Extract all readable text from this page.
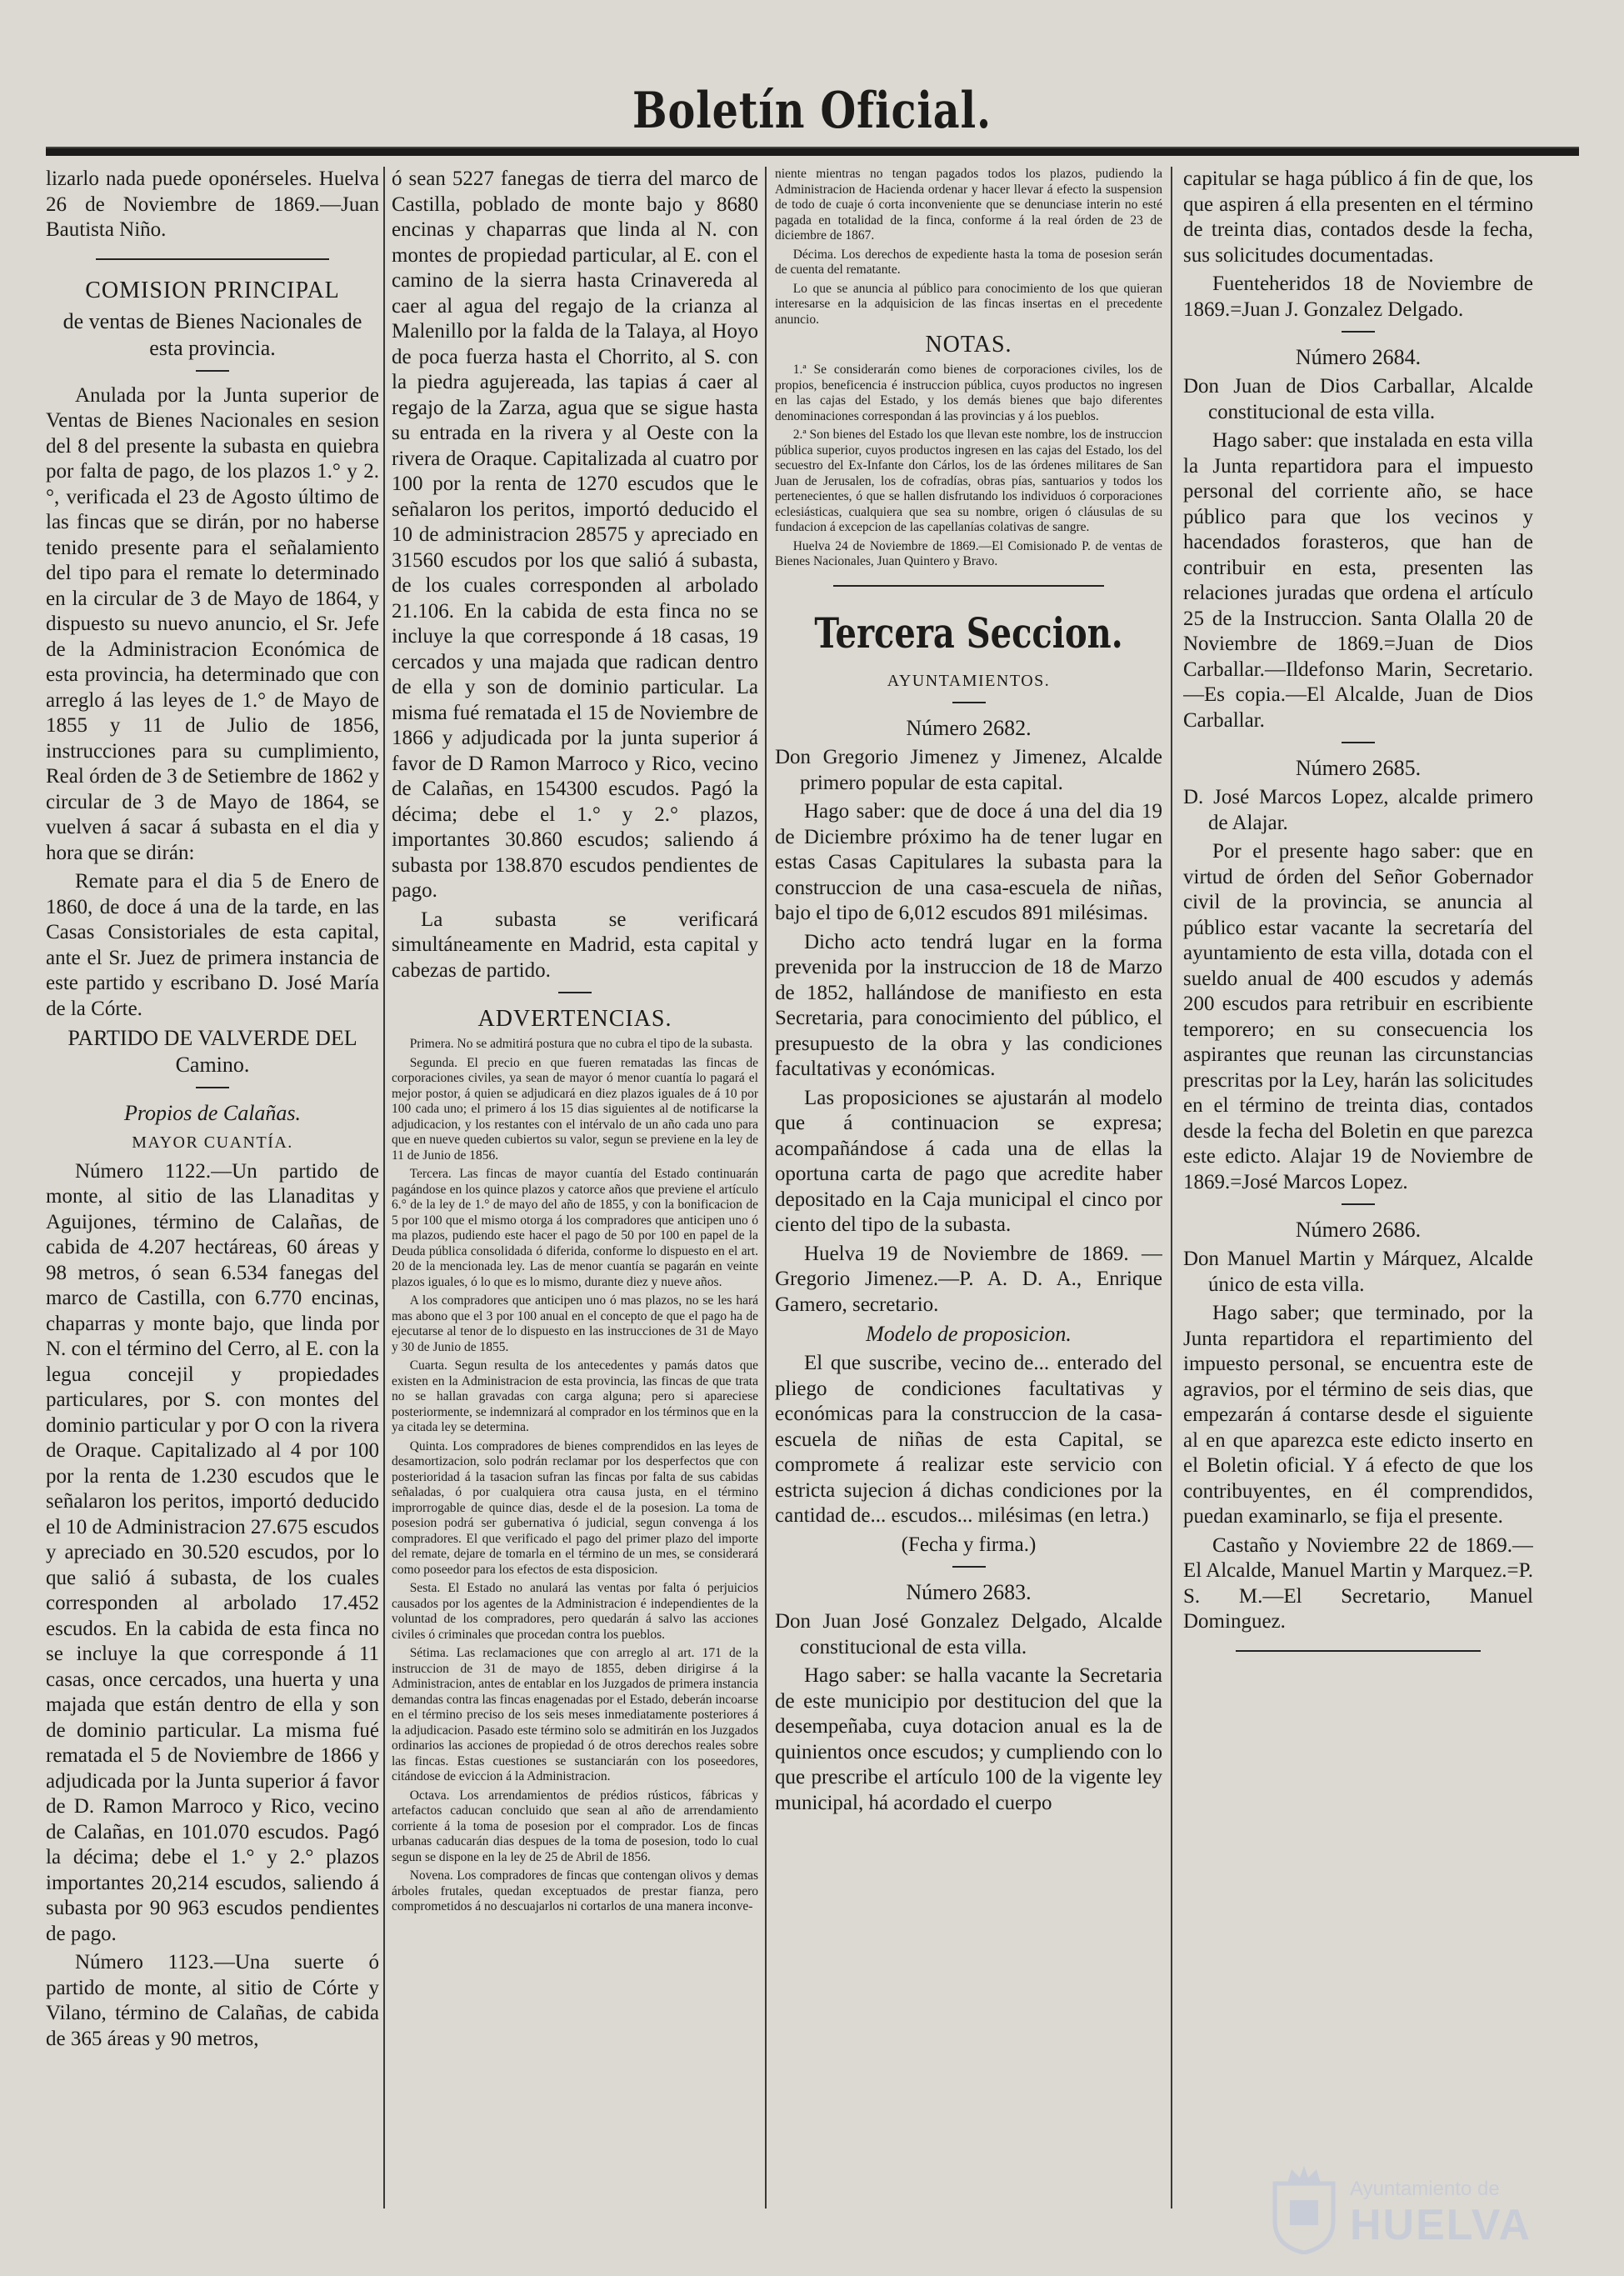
Boletín Oficial.

lizarlo nada puede oponérseles. Huelva 26 de Noviembre de 1869.—Juan Bautista Niño.

COMISION PRINCIPAL

de ventas de Bienes Nacionales de esta provincia.

Anulada por la Junta superior de Ventas de Bienes Nacionales en sesion del 8 del presente la subasta en quiebra por falta de pago, de los plazos 1.° y 2.°, verificada el 23 de Agosto último de las fincas que se dirán, por no haberse tenido presente para el señalamiento del tipo para el remate lo determinado en la circular de 3 de Mayo de 1864, y dispuesto su nuevo anuncio, el Sr. Jefe de la Administracion Económica de esta provincia, ha determinado que con arreglo á las leyes de 1.° de Mayo de 1855 y 11 de Julio de 1856, instrucciones para su cumplimiento, Real órden de 3 de Setiembre de 1862 y circular de 3 de Mayo de 1864, se vuelven á sacar á subasta en el dia y hora que se dirán:

Remate para el dia 5 de Enero de 1860, de doce á una de la tarde, en las Casas Consistoriales de esta capital, ante el Sr. Juez de primera instancia de este partido y escribano D. José María de la Córte.

PARTIDO DE VALVERDE DEL Camino.

Propios de Calañas.

MAYOR CUANTÍA.

Número 1122.—Un partido de monte, al sitio de las Llanaditas y Aguijones, término de Calañas, de cabida de 4.207 hectáreas, 60 áreas y 98 metros, ó sean 6.534 fanegas del marco de Castilla, con 6.770 encinas, chaparras y monte bajo, que linda por N. con el término del Cerro, al E. con la legua concejil y propiedades particulares, por S. con montes del dominio particular y por O con la rivera de Oraque. Capitalizado al 4 por 100 por la renta de 1.230 escudos que le señalaron los peritos, importó deducido el 10 de Administracion 27.675 escudos y apreciado en 30.520 escudos, por lo que salió á subasta, de los cuales corresponden al arbolado 17.452 escudos. En la cabida de esta finca no se incluye la que corresponde á 11 casas, once cercados, una huerta y una majada que están dentro de ella y son de dominio particular. La misma fué rematada el 5 de Noviembre de 1866 y adjudicada por la Junta superior á favor de D. Ramon Marroco y Rico, vecino de Calañas, en 101.070 escudos. Pagó la décima; debe el 1.° y 2.° plazos importantes 20,214 escudos, saliendo á subasta por 90 963 escudos pendientes de pago.

Número 1123.—Una suerte ó partido de monte, al sitio de Córte y Vilano, término de Calañas, de cabida de 365 áreas y 90 metros,

ó sean 5227 fanegas de tierra del marco de Castilla, poblado de monte bajo y 8680 encinas y chaparras que linda al N. con montes de propiedad particular, al E. con el camino de la sierra hasta Crinavereda al caer al agua del regajo de la crianza al Malenillo por la falda de la Talaya, al Hoyo de poca fuerza hasta el Chorrito, al S. con la piedra agujereada, las tapias á caer al regajo de la Zarza, agua que se sigue hasta su entrada en la rivera y al Oeste con la rivera de Oraque. Capitalizada al cuatro por 100 por la renta de 1270 escudos que le señalaron los peritos, importó deducido el 10 de administracion 28575 y apreciado en 31560 escudos por los que salió á subasta, de los cuales corresponden al arbolado 21.106. En la cabida de esta finca no se incluye la que corresponde á 18 casas, 19 cercados y una majada que radican dentro de ella y son de dominio particular. La misma fué rematada el 15 de Noviembre de 1866 y adjudicada por la junta superior á favor de D Ramon Marroco y Rico, vecino de Calañas, en 154300 escudos. Pagó la décima; debe el 1.° y 2.° plazos, importantes 30.860 escudos; saliendo á subasta por 138.870 escudos pendientes de pago.

La subasta se verificará simultáneamente en Madrid, esta capital y cabezas de partido.

ADVERTENCIAS.

Primera. No se admitirá postura que no cubra el tipo de la subasta.

Segunda. El precio en que fueren rematadas las fincas de corporaciones civiles, ya sean de mayor ó menor cuantía lo pagará el mejor postor, á quien se adjudicará en diez plazos iguales de á 10 por 100 cada uno; el primero á los 15 dias siguientes al de notificarse la adjudicacion, y los restantes con el intérvalo de un año cada uno para que en nueve queden cubiertos su valor, segun se previene en la ley de 11 de Junio de 1856.

Tercera. Las fincas de mayor cuantía del Estado continuarán pagándose en los quince plazos y catorce años que previene el artículo 6.° de la ley de 1.° de mayo del año de 1855, y con la bonificacion de 5 por 100 que el mismo otorga á los compradores que anticipen uno ó ma plazos, pudiendo este hacer el pago de 50 por 100 en papel de la Deuda pública consolidada ó diferida, conforme lo dispuesto en el art. 20 de la mencionada ley. Las de menor cuantía se pagarán en veinte plazos iguales, ó lo que es lo mismo, durante diez y nueve años.

A los compradores que anticipen uno ó mas plazos, no se les hará mas abono que el 3 por 100 anual en el concepto de que el pago ha de ejecutarse al tenor de lo dispuesto en las instrucciones de 31 de Mayo y 30 de Junio de 1855.

Cuarta. Segun resulta de los antecedentes y pamás datos que existen en la Administracion de esta provincia, las fincas de que trata no se hallan gravadas con carga alguna; pero si apareciese posteriormente, se indemnizará al comprador en los términos que en la ya citada ley se determina.

Quinta. Los compradores de bienes comprendidos en las leyes de desamortizacion, solo podrán reclamar por los desperfectos que con posterioridad á la tasacion sufran las fincas por falta de sus cabidas señaladas, ó por cualquiera otra causa justa, en el término improrrogable de quince dias, desde el de la posesion. La toma de posesion podrá ser gubernativa ó judicial, segun convenga á los compradores. El que verificado el pago del primer plazo del importe del remate, dejare de tomarla en el término de un mes, se considerará como poseedor para los efectos de esta disposicion.

Sesta. El Estado no anulará las ventas por falta ó perjuicios causados por los agentes de la Administracion é independientes de la voluntad de los compradores, pero quedarán á salvo las acciones civiles ó criminales que procedan contra los pueblos.

Sétima. Las reclamaciones que con arreglo al art. 171 de la instruccion de 31 de mayo de 1855, deben dirigirse á la Administracion, antes de entablar en los Juzgados de primera instancia demandas contra las fincas enagenadas por el Estado, deberán incoarse en el término preciso de los seis meses inmediatamente posteriores á la adjudicacion. Pasado este término solo se admitirán en los Juzgados ordinarios las acciones de propiedad ó de otros derechos reales sobre las fincas. Estas cuestiones se sustanciarán con los poseedores, citándose de eviccion á la Administracion.

Octava. Los arrendamientos de prédios rústicos, fábricas y artefactos caducan concluido que sean al año de arrendamiento corriente á la toma de posesion por el comprador. Los de fincas urbanas caducarán dias despues de la toma de posesion, todo lo cual segun se dispone en la ley de 25 de Abril de 1856.

Novena. Los compradores de fincas que contengan olivos y demas árboles frutales, quedan exceptuados de prestar fianza, pero comprometidos á no descuajarlos ni cortarlos de una manera inconve-

niente mientras no tengan pagados todos los plazos, pudiendo la Administracion de Hacienda ordenar y hacer llevar á efecto la suspension de todo de cuaje ó corta inconveniente que se denunciase interin no esté pagada en totalidad de la finca, conforme á la real órden de 23 de diciembre de 1867.

Décima. Los derechos de expediente hasta la toma de posesion serán de cuenta del rematante.

Lo que se anuncia al público para conocimiento de los que quieran interesarse en la adquisicion de las fincas insertas en el precedente anuncio.

NOTAS.

1.ª Se considerarán como bienes de corporaciones civiles, los de propios, beneficencia é instruccion pública, cuyos productos no ingresen en las cajas del Estado, y los demás bienes que bajo diferentes denominaciones correspondan á las provincias y á los pueblos.

2.ª Son bienes del Estado los que llevan este nombre, los de instruccion pública superior, cuyos productos ingresen en las cajas del Estado, los del secuestro del Ex-Infante don Cárlos, los de las órdenes militares de San Juan de Jerusalen, los de cofradías, obras pías, santuarios y todos los pertenecientes, ó que se hallen disfrutando los individuos ó corporaciones eclesiásticas, cualquiera que sea su nombre, origen ó cláusulas de su fundacion á excepcion de las capellanías colativas de sangre.

Huelva 24 de Noviembre de 1869.—El Comisionado P. de ventas de Bienes Nacionales, Juan Quintero y Bravo.

Tercera Seccion.

AYUNTAMIENTOS.

Número 2682.

Don Gregorio Jimenez y Jimenez, Alcalde primero popular de esta capital.

Hago saber: que de doce á una del dia 19 de Diciembre próximo ha de tener lugar en estas Casas Capitulares la subasta para la construccion de una casa-escuela de niñas, bajo el tipo de 6,012 escudos 891 milésimas.

Dicho acto tendrá lugar en la forma prevenida por la instruccion de 18 de Marzo de 1852, hallándose de manifiesto en esta Secretaria, para conocimiento del público, el presupuesto de la obra y las condiciones facultativas y económicas.

Las proposiciones se ajustarán al modelo que á continuacion se expresa; acompañándose á cada una de ellas la oportuna carta de pago que acredite haber depositado en la Caja municipal el cinco por ciento del tipo de la subasta.

Huelva 19 de Noviembre de 1869. —Gregorio Jimenez.—P. A. D. A., Enrique Gamero, secretario.

Modelo de proposicion.

El que suscribe, vecino de... enterado del pliego de condiciones facultativas y económicas para la construccion de la casa-escuela de niñas de esta Capital, se compromete á realizar este servicio con estricta sujecion á dichas condiciones por la cantidad de... escudos... milésimas (en letra.)

(Fecha y firma.)

Número 2683.

Don Juan José Gonzalez Delgado, Alcalde constitucional de esta villa.

Hago saber: se halla vacante la Secretaria de este municipio por destitucion del que la desempeñaba, cuya dotacion anual es la de quinientos once escudos; y cumpliendo con lo que prescribe el artículo 100 de la vigente ley municipal, há acordado el cuerpo

capitular se haga público á fin de que, los que aspiren á ella presenten en el término de treinta dias, contados desde la fecha, sus solicitudes documentadas.

Fuenteheridos 18 de Noviembre de 1869.=Juan J. Gonzalez Delgado.

Número 2684.

Don Juan de Dios Carballar, Alcalde constitucional de esta villa.

Hago saber: que instalada en esta villa la Junta repartidora para el impuesto personal del corriente año, se hace público para que los vecinos y hacendados forasteros, que han de contribuir en esta, presenten las relaciones juradas que ordena el artículo 25 de la Instruccion. Santa Olalla 20 de Noviembre de 1869.=Juan de Dios Carballar.—Ildefonso Marin, Secretario.—Es copia.—El Alcalde, Juan de Dios Carballar.

Número 2685.

D. José Marcos Lopez, alcalde primero de Alajar.

Por el presente hago saber: que en virtud de órden del Señor Gobernador civil de la provincia, se anuncia al público estar vacante la secretaría del ayuntamiento de esta villa, dotada con el sueldo anual de 400 escudos y además 200 escudos para retribuir en escribiente temporero; en su consecuencia los aspirantes que reunan las circunstancias prescritas por la Ley, harán las solicitudes en el término de treinta dias, contados desde la fecha del Boletin en que parezca este edicto. Alajar 19 de Noviembre de 1869.=José Marcos Lopez.

Número 2686.

Don Manuel Martin y Márquez, Alcalde único de esta villa.

Hago saber; que terminado, por la Junta repartidora el repartimiento del impuesto personal, se encuentra este de agravios, por el término de seis dias, que empezarán á contarse desde el siguiente al en que aparezca este edicto inserto en el Boletin oficial. Y á efecto de que los contribuyentes, en él comprendidos, puedan examinarlo, se fija el presente.

Castaño y Noviembre 22 de 1869.—El Alcalde, Manuel Martin y Marquez.=P. S. M.—El Secretario, Manuel Dominguez.

Ayuntamiento de
HUELVA
